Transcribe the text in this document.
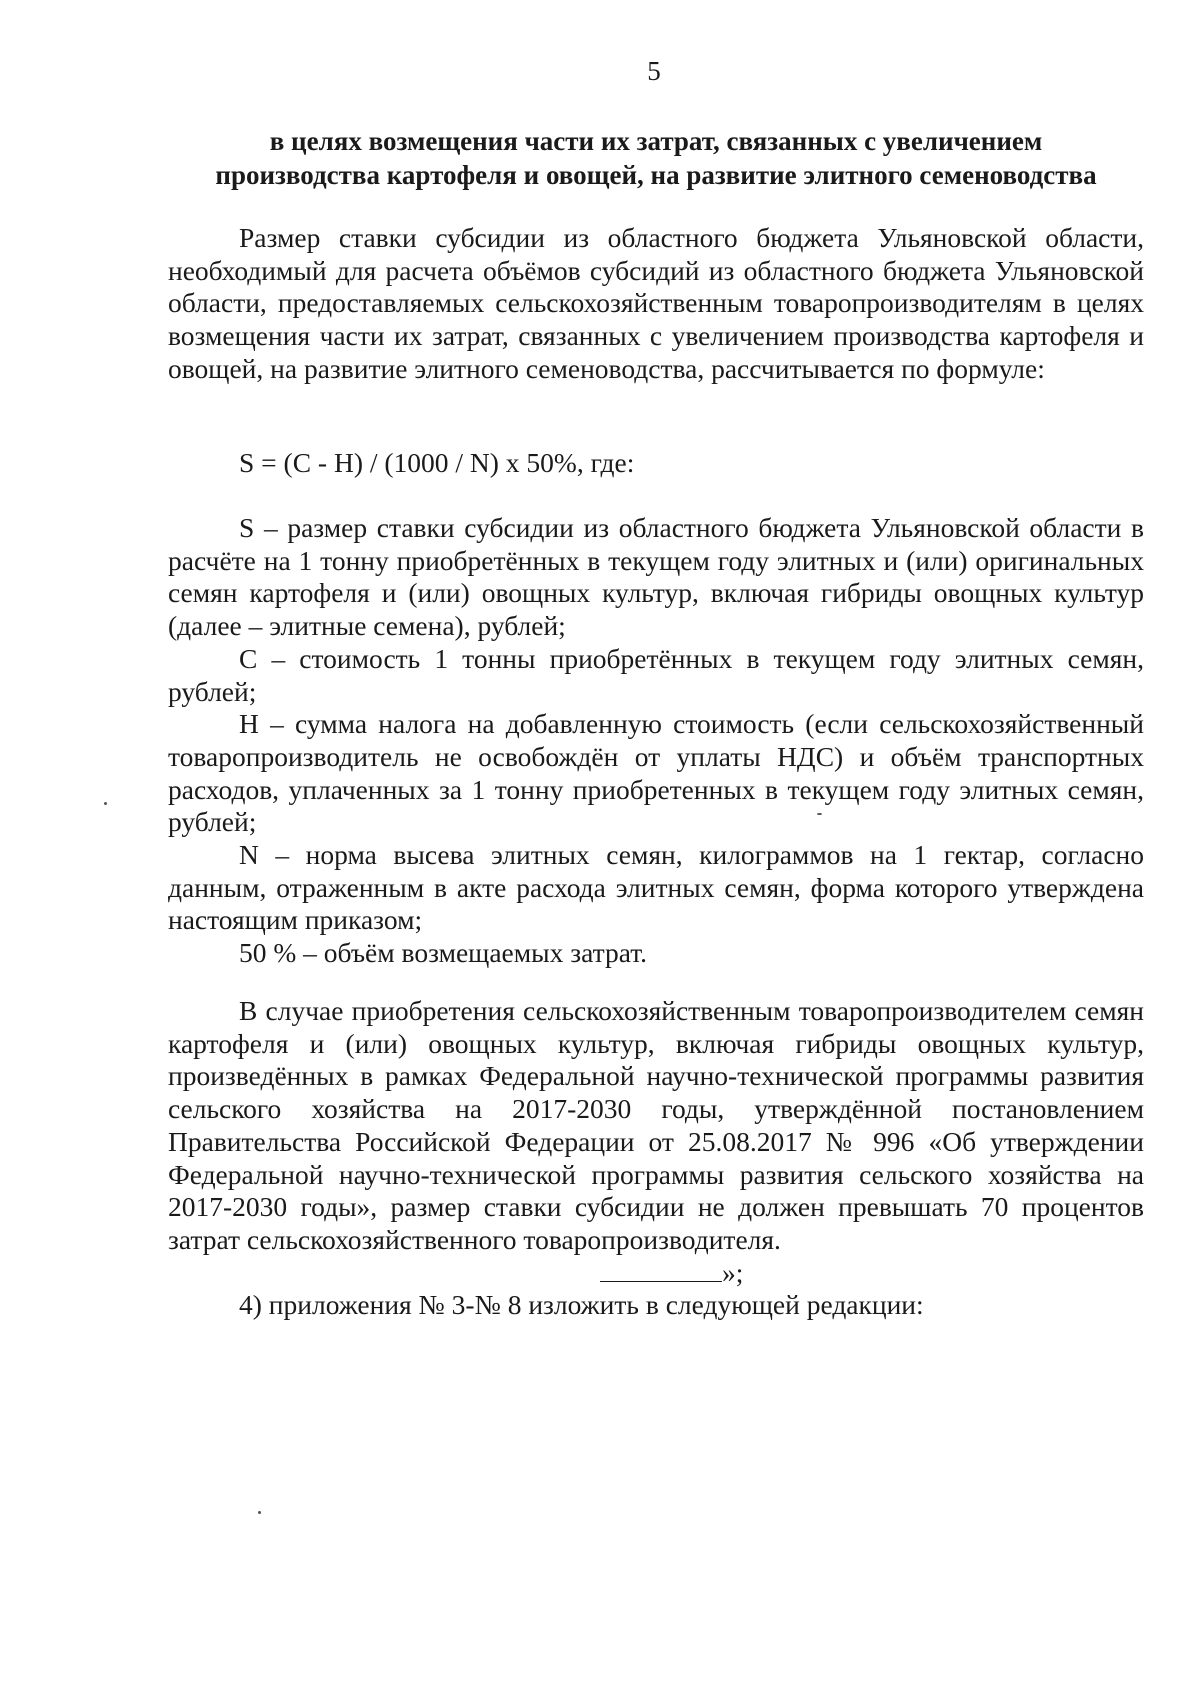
5
в целях возмещения части их затрат, связанных с увеличением
производства картофеля и овощей, на развитие элитного семеноводства

Размер ставки субсидии из областного бюджета Ульяновской области, необходимый для расчета объёмов субсидий из областного бюджета Ульяновской области, предоставляемых сельскохозяйственным товаропроизводителям в целях возмещения части их затрат, связанных с увеличением производства картофеля и овощей, на развитие элитного семеноводства, рассчитывается по формуле:

S = (C - H) / (1000 / N) х 50%, где:

S – размер ставки субсидии из областного бюджета Ульяновской области в расчёте на 1 тонну приобретённых в текущем году элитных и (или) оригинальных семян картофеля и (или) овощных культур, включая гибриды овощных культур (далее – элитные семена), рублей;

С – стоимость 1 тонны приобретённых в текущем году элитных семян, рублей;

Н – сумма налога на добавленную стоимость (если сельскохозяйственный товаропроизводитель не освобождён от уплаты НДС) и объём транспортных расходов, уплаченных за 1 тонну приобретенных в текущем году элитных семян, рублей;

N – норма высева элитных семян, килограммов на 1 гектар, согласно данным, отраженным в акте расхода элитных семян, форма которого утверждена настоящим приказом;

50 % – объём возмещаемых затрат.

В случае приобретения сельскохозяйственным товаропроизводителем семян картофеля и (или) овощных культур, включая гибриды овощных культур, произведённых в рамках Федеральной научно-технической программы развития сельского хозяйства на 2017-2030 годы, утверждённой постановлением Правительства Российской Федерации от 25.08.2017 № 996 «Об утверждении Федеральной научно-технической программы развития сельского хозяйства на 2017-2030 годы», размер ставки субсидии не должен превышать 70 процентов затрат сельскохозяйственного товаропроизводителя.

»;

4) приложения № 3-№ 8 изложить в следующей редакции:
